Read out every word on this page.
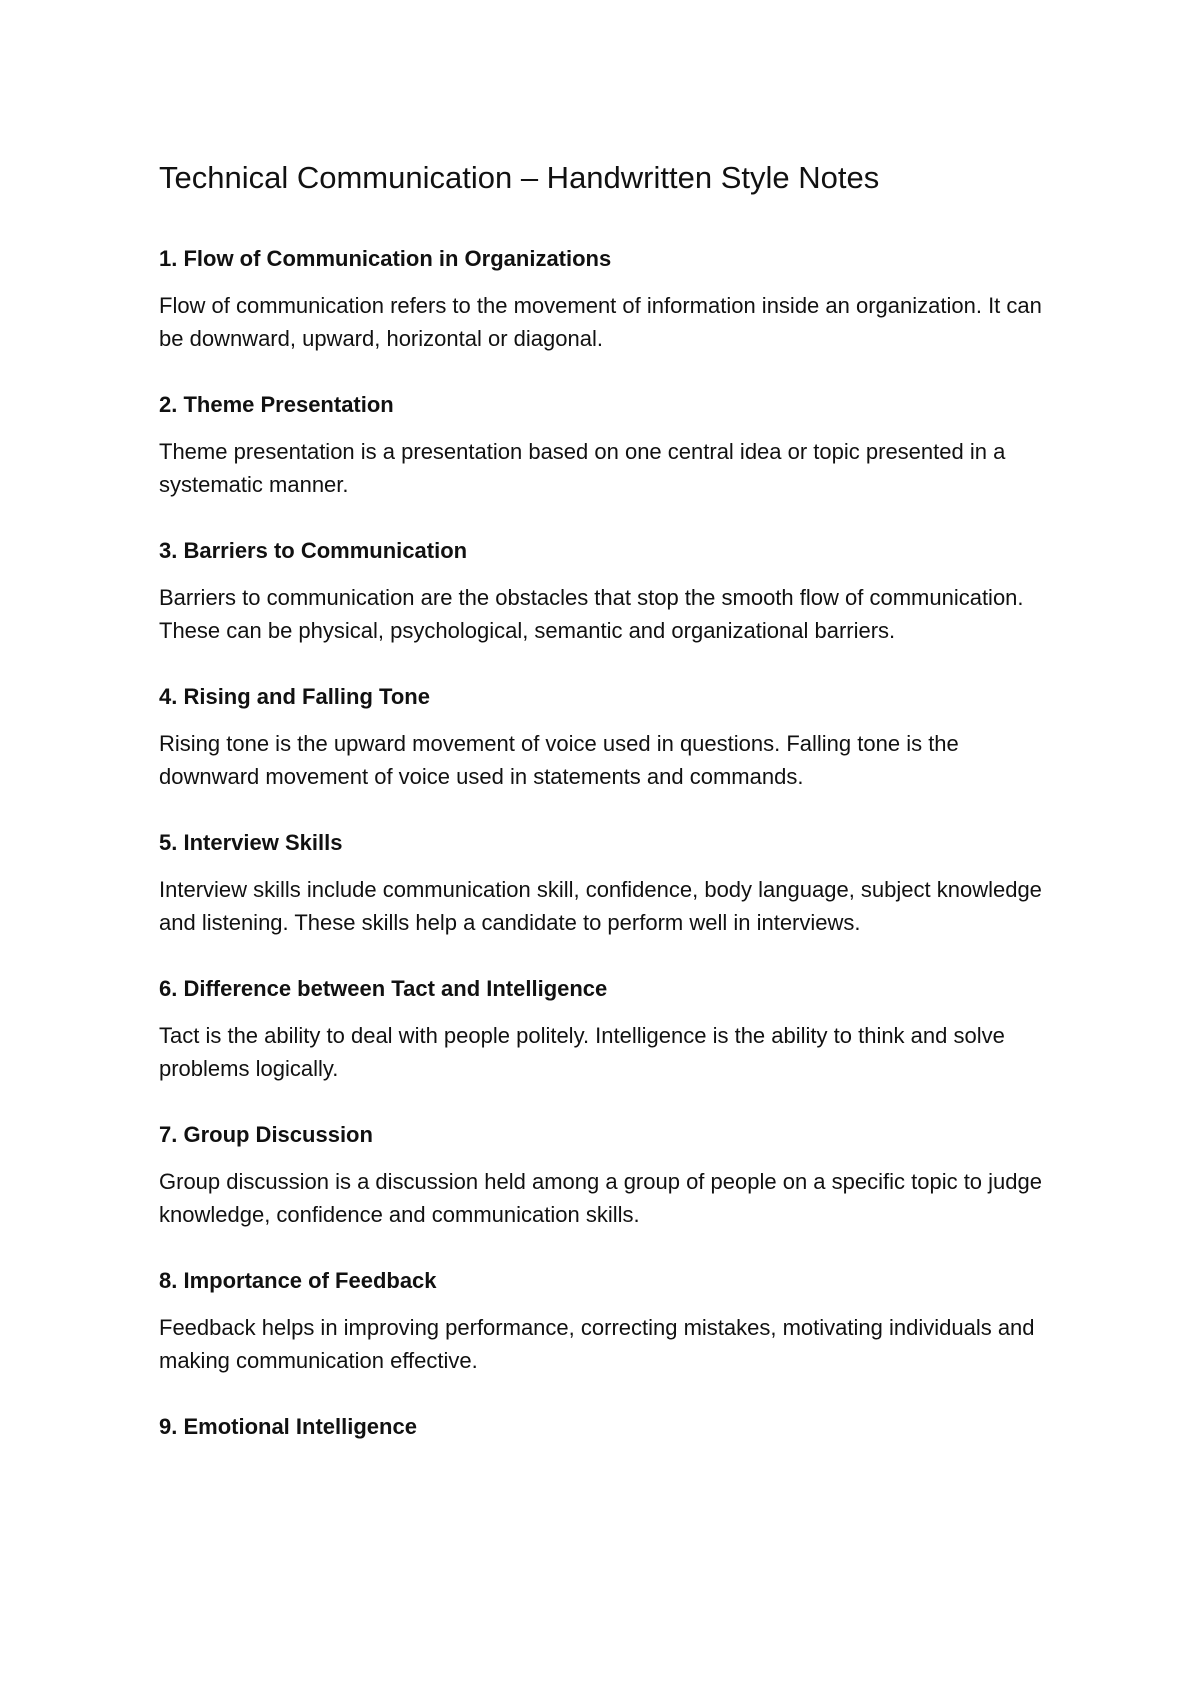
Technical Communication – Handwritten Style Notes
1. Flow of Communication in Organizations

Flow of communication refers to the movement of information inside an organization. It can be downward, upward, horizontal or diagonal.

2. Theme Presentation

Theme presentation is a presentation based on one central idea or topic presented in a systematic manner.

3. Barriers to Communication

Barriers to communication are the obstacles that stop the smooth flow of communication. These can be physical, psychological, semantic and organizational barriers.

4. Rising and Falling Tone

Rising tone is the upward movement of voice used in questions. Falling tone is the downward movement of voice used in statements and commands.

5. Interview Skills

Interview skills include communication skill, confidence, body language, subject knowledge and listening. These skills help a candidate to perform well in interviews.

6. Difference between Tact and Intelligence

Tact is the ability to deal with people politely. Intelligence is the ability to think and solve problems logically.

7. Group Discussion

Group discussion is a discussion held among a group of people on a specific topic to judge knowledge, confidence and communication skills.

8. Importance of Feedback

Feedback helps in improving performance, correcting mistakes, motivating individuals and making communication effective.

9. Emotional Intelligence
